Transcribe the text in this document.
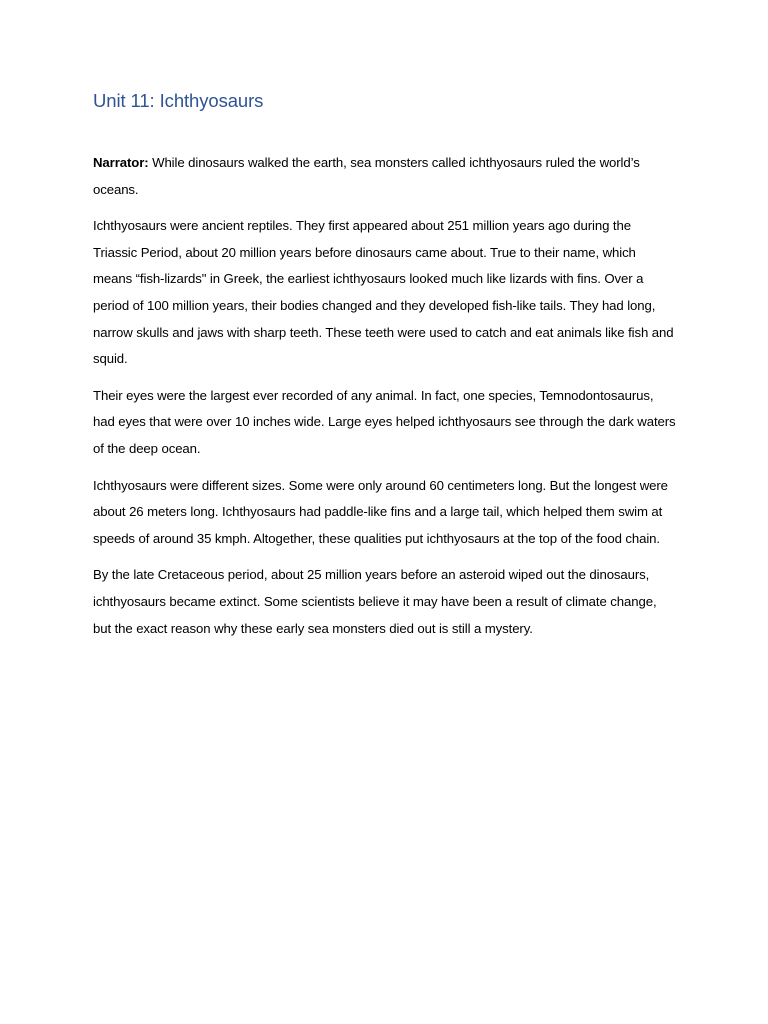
Unit 11: Ichthyosaurs

Narrator: While dinosaurs walked the earth, sea monsters called ichthyosaurs ruled the world’s oceans.

Ichthyosaurs were ancient reptiles. They first appeared about 251 million years ago during the Triassic Period, about 20 million years before dinosaurs came about. True to their name, which means “fish-lizards" in Greek, the earliest ichthyosaurs looked much like lizards with fins. Over a period of 100 million years, their bodies changed and they developed fish-like tails. They had long, narrow skulls and jaws with sharp teeth. These teeth were used to catch and eat animals like fish and squid.

Their eyes were the largest ever recorded of any animal. In fact, one species, Temnodontosaurus, had eyes that were over 10 inches wide. Large eyes helped ichthyosaurs see through the dark waters of the deep ocean.

Ichthyosaurs were different sizes. Some were only around 60 centimeters long. But the longest were about 26 meters long. Ichthyosaurs had paddle-like fins and a large tail, which helped them swim at speeds of around 35 kmph. Altogether, these qualities put ichthyosaurs at the top of the food chain.

By the late Cretaceous period, about 25 million years before an asteroid wiped out the dinosaurs, ichthyosaurs became extinct. Some scientists believe it may have been a result of climate change, but the exact reason why these early sea monsters died out is still a mystery.
